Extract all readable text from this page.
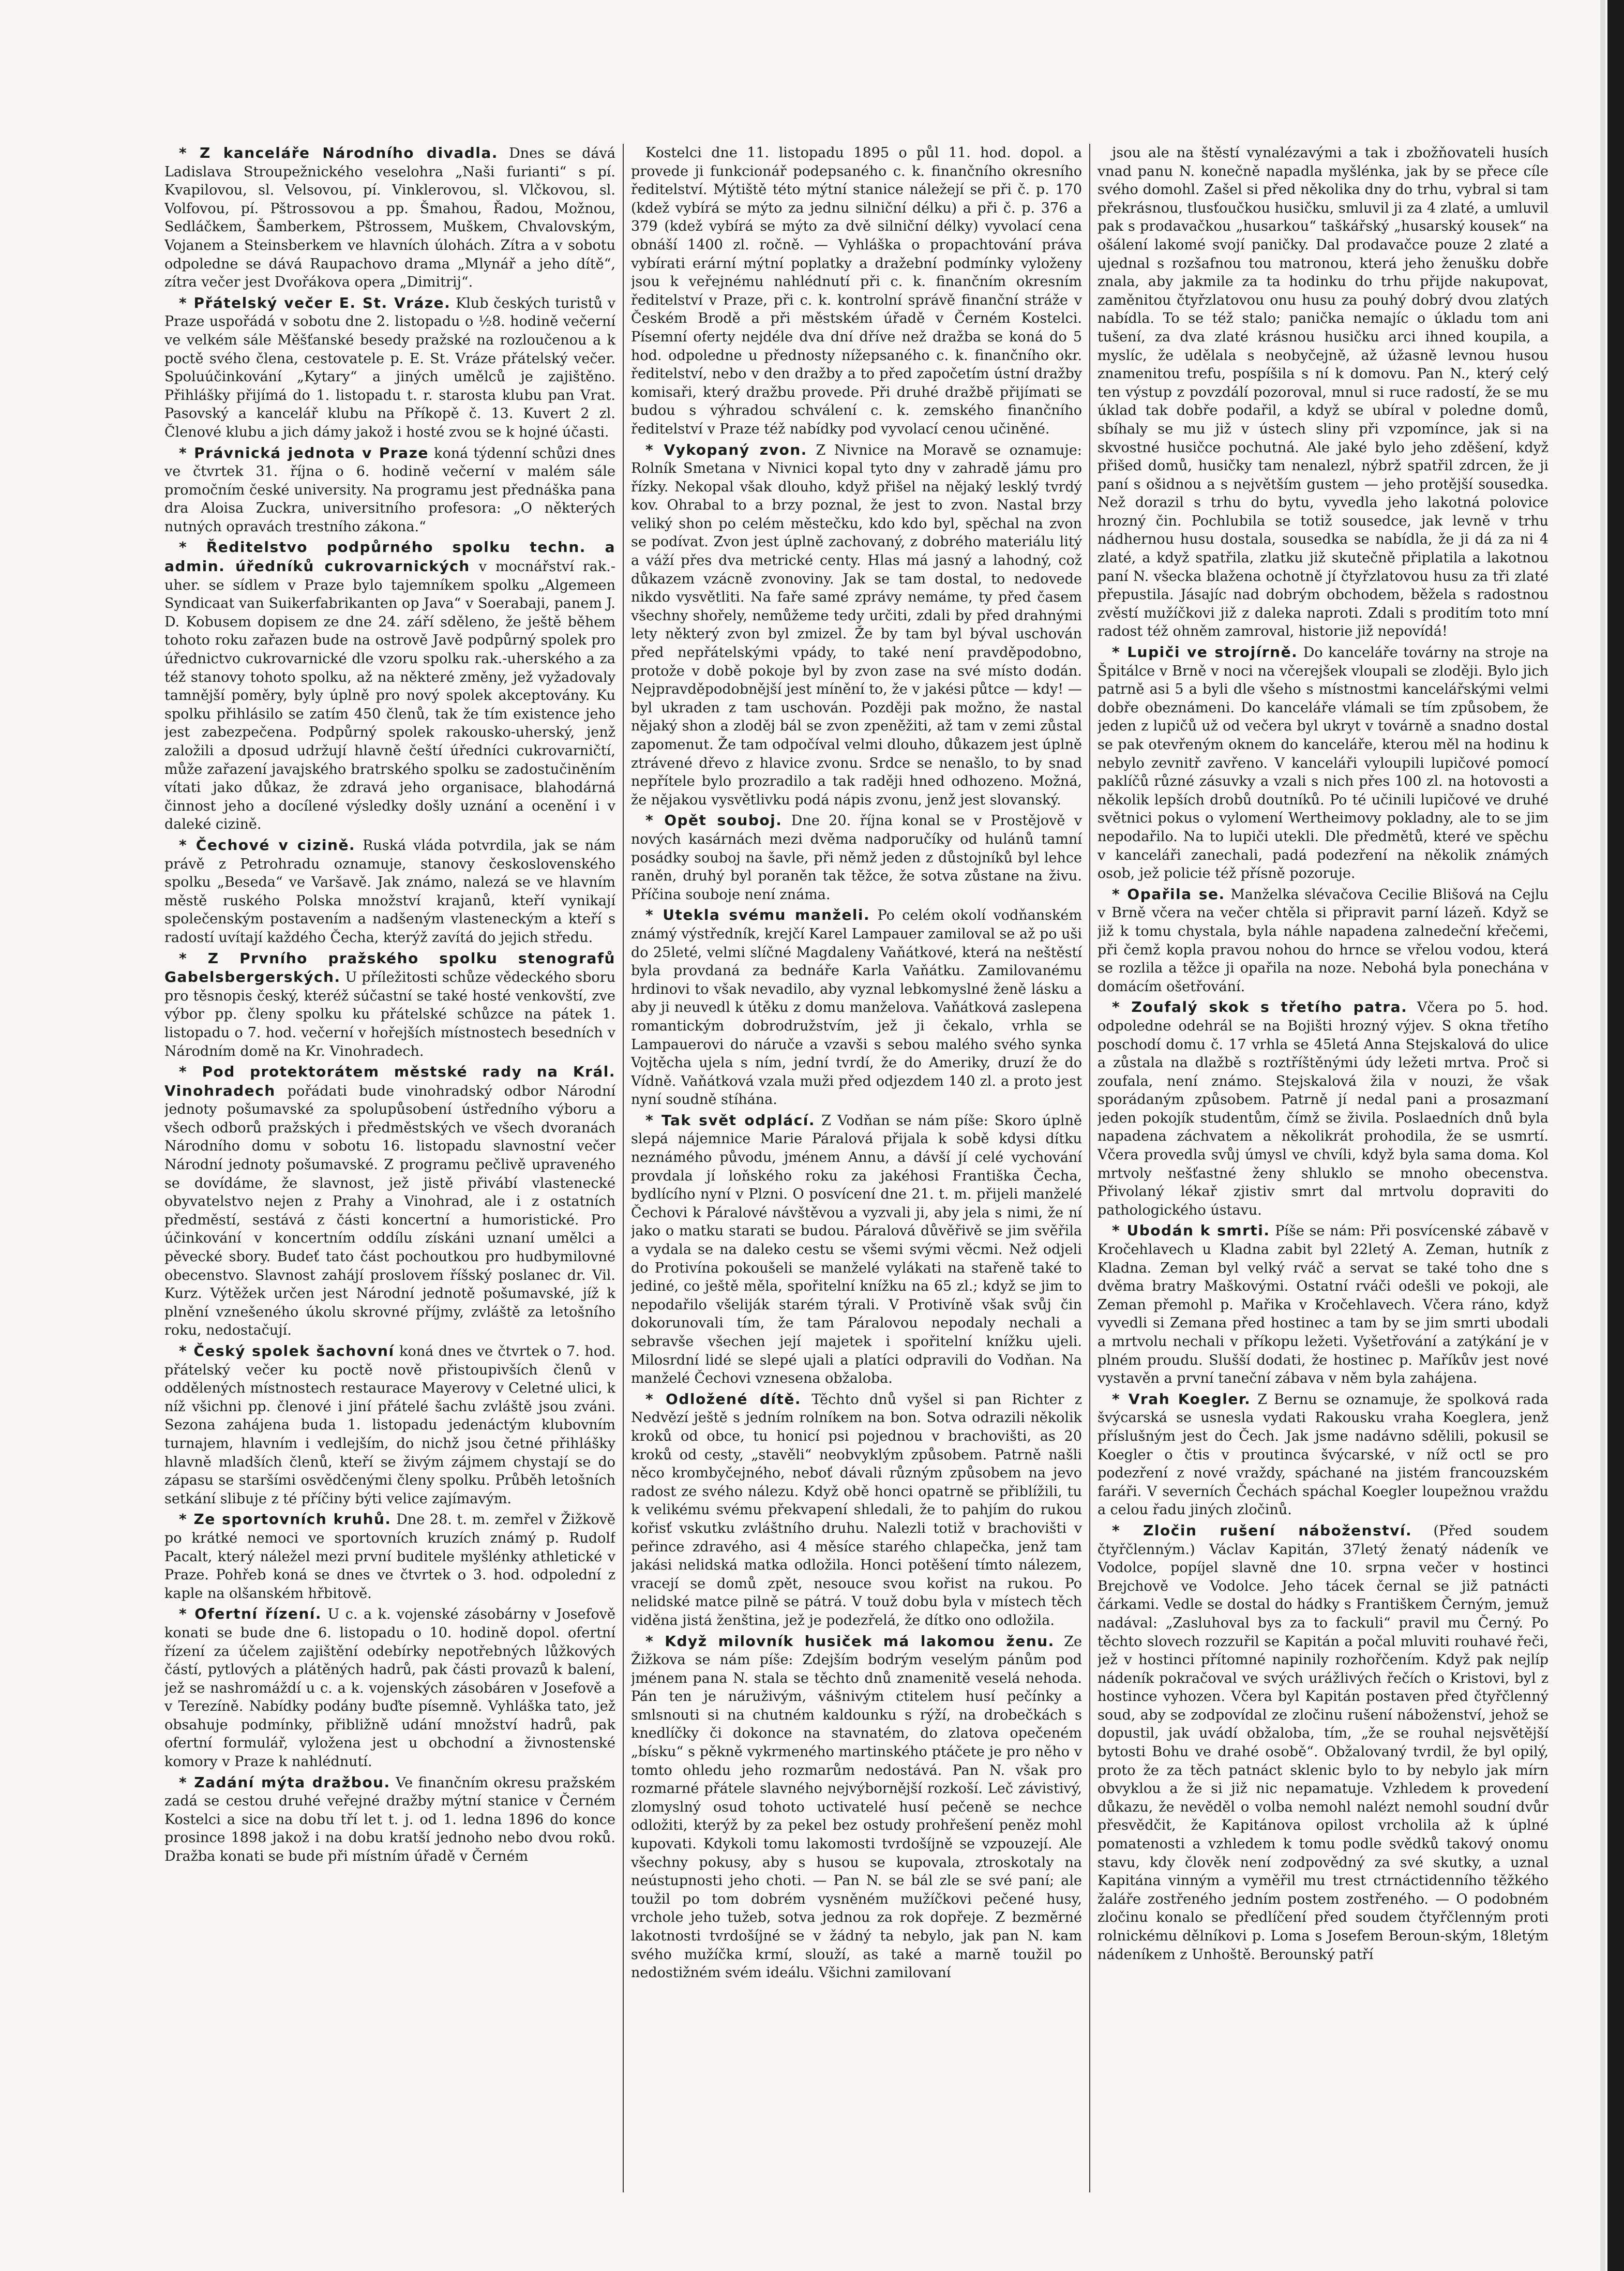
* Z kanceláře Národního divadla. Dnes se dává Ladislava Stroupežnického veselohra „Naši furianti“ s pí. Kvapilovou, sl. Velsovou, pí. Vinklerovou, sl. Vlčkovou, sl. Volfovou, pí. Pštrossovou a pp. Šmahou, Řadou, Možnou, Sedláčkem, Šamberkem, Pštrossem, Muškem, Chvalovským, Vojanem a Steinsberkem ve hlavních úlohách. Zítra a v sobotu odpoledne se dává Raupachovo drama „Mlynář a jeho dítě“, zítra večer jest Dvořákova opera „Dimitrij“.

* Přátelský večer E. St. Vráze. Klub českých turistů v Praze uspořádá v sobotu dne 2. listopadu o ½8. hodině večerní ve velkém sále Měšťanské besedy pražské na rozloučenou a k poctě svého člena, cestovatele p. E. St. Vráze přátelský večer. Spoluúčinkování „Kytary“ a jiných umělců je zajištěno. Přihlášky přijímá do 1. listopadu t. r. starosta klubu pan Vrat. Pasovský a kancelář klubu na Příkopě č. 13. Kuvert 2 zl. Členové klubu a jich dámy jakož i hosté zvou se k hojné účasti.

* Právnická jednota v Praze koná týdenní schůzi dnes ve čtvrtek 31. října o 6. hodině večerní v malém sále promočním české university. Na programu jest přednáška pana dra Aloisa Zuckra, universitního profesora: „O některých nutných opravách trestního zákona.“

* Ředitelstvo podpůrného spolku techn. a admin. úředníků cukrovarnických v mocnářství rak.-uher. se sídlem v Praze bylo tajemníkem spolku „Algemeen Syndicaat van Suikerfabrikanten op Java“ v Soerabaji, panem J. D. Kobusem dopisem ze dne 24. září sděleno, že ještě během tohoto roku zařazen bude na ostrově Javě podpůrný spolek pro úřednictvo cukrovarnické dle vzoru spolku rak.-uherského a za též stanovy tohoto spolku, až na některé změny, jež vyžadovaly tamnější poměry, byly úplně pro nový spolek akceptovány. Ku spolku přihlásilo se zatím 450 členů, tak že tím existence jeho jest zabezpečena. Podpůrný spolek rakousko-uherský, jenž založili a dposud udržují hlavně čeští úředníci cukrovarničtí, může zařazení javajského bratrského spolku se zadostučiněním vítati jako důkaz, že zdravá jeho organisace, blahodárná činnost jeho a docílené výsledky došly uznání a ocenění i v daleké cizině.

* Čechové v cizině. Ruská vláda potvrdila, jak se nám právě z Petrohradu oznamuje, stanovy československého spolku „Beseda“ ve Varšavě. Jak známo, nalezá se ve hlavním městě ruského Polska množství krajanů, kteří vynikají společenským postavením a nadšeným vlasteneckým a kteří s radostí uvítají každého Čecha, kterýž zavítá do jejich středu.

* Z Prvního pražského spolku stenografů Gabelsbergerských. U příležitosti schůze vědeckého sboru pro těsnopis český, kteréž súčastní se také hosté venkovští, zve výbor pp. členy spolku ku přátelské schůzce na pátek 1. listopadu o 7. hod. večerní v hořejších místnostech besedních v Národním domě na Kr. Vinohradech.

* Pod protektorátem městské rady na Král. Vinohradech pořádati bude vinohradský odbor Národní jednoty pošumavské za spolupůsobení ústředního výboru a všech odborů pražských i předměstských ve všech dvoranách Národního domu v sobotu 16. listopadu slavnostní večer Národní jednoty pošumavské. Z programu pečlivě upraveného se dovídáme, že slavnost, jež jistě přivábí vlastenecké obyvatelstvo nejen z Prahy a Vinohrad, ale i z ostatních předměstí, sestává z části koncertní a humoristické. Pro účinkování v koncertním oddílu získáni uznaní umělci a pěvecké sbory. Budeť tato část pochoutkou pro hudbymilovné obecenstvo. Slavnost zahájí proslovem říšský poslanec dr. Vil. Kurz. Výtěžek určen jest Národní jednotě pošumavské, jíž k plnění vznešeného úkolu skrovné příjmy, zvláště za letošního roku, nedostačují.

* Český spolek šachovní koná dnes ve čtvrtek o 7. hod. přátelský večer ku poctě nově přistoupivších členů v oddělených místnostech restaurace Mayerovy v Celetné ulici, k níž všichni pp. členové i jiní přátelé šachu zvláště jsou zváni. Sezona zahájena buda 1. listopadu jedenáctým klubovním turnajem, hlavním i vedlejším, do nichž jsou četné přihlášky hlavně mladších členů, kteří se živým zájmem chystají se do zápasu se staršími osvědčenými členy spolku. Průběh letošních setkání slibuje z té příčiny býti velice zajímavým.

* Ze sportovních kruhů. Dne 28. t. m. zemřel v Žižkově po krátké nemoci ve sportovních kruzích známý p. Rudolf Pacalt, který náležel mezi první buditele myšlénky athletické v Praze. Pohřeb koná se dnes ve čtvrtek o 3. hod. odpolední z kaple na olšanském hřbitově.

* Ofertní řízení. U c. a k. vojenské zásobárny v Josefově konati se bude dne 6. listopadu o 10. hodině dopol. ofertní řízení za účelem zajištění odebírky nepotřebných lůžkových částí, pytlových a plátěných hadrů, pak části provazů k balení, jež se nashromáždí u c. a k. vojenských zásobáren v Josefově a v Terezíně. Nabídky podány buďte písemně. Vyhláška tato, jež obsahuje podmínky, přibližně udání množství hadrů, pak ofertní formulář, vyložena jest u obchodní a živnostenské komory v Praze k nahlédnutí.

* Zadání mýta dražbou. Ve finančním okresu pražském zadá se cestou druhé veřejné dražby mýtní stanice v Černém Kostelci a sice na dobu tří let t. j. od 1. ledna 1896 do konce prosince 1898 jakož i na dobu kratší jednoho nebo dvou roků. Dražba konati se bude při místním úřadě v Černém

Kostelci dne 11. listopadu 1895 o půl 11. hod. dopol. a provede ji funkcionář podepsaného c. k. finančního okresního ředitelství. Mýtiště této mýtní stanice náležejí se při č. p. 170 (kdež vybírá se mýto za jednu silniční délku) a při č. p. 376 a 379 (kdež vybírá se mýto za dvě silniční délky) vyvolací cena obnáší 1400 zl. ročně. — Vyhláška o propachtování práva vybírati erární mýtní poplatky a dražební podmínky vyloženy jsou k veřejnému nahlédnutí při c. k. finančním okresním ředitelství v Praze, při c. k. kontrolní správě finanční stráže v Českém Brodě a při městském úřadě v Černém Kostelci. Písemní oferty nejdéle dva dní dříve než dražba se koná do 5 hod. odpoledne u přednosty nížepsaného c. k. finančního okr. ředitelství, nebo v den dražby a to před započetím ústní dražby komisaři, který dražbu provede. Při druhé dražbě přijímati se budou s výhradou schválení c. k. zemského finančního ředitelství v Praze též nabídky pod vyvolací cenou učiněné.

* Vykopaný zvon. Z Nivnice na Moravě se oznamuje: Rolník Smetana v Nivnici kopal tyto dny v zahradě jámu pro řízky. Nekopal však dlouho, když přišel na nějaký lesklý tvrdý kov. Ohrabal to a brzy poznal, že jest to zvon. Nastal brzy veliký shon po celém městečku, kdo kdo byl, spěchal na zvon se podívat. Zvon jest úplně zachovaný, z dobrého materiálu litý a váží přes dva metrické centy. Hlas má jasný a lahodný, což důkazem vzácně zvonoviny. Jak se tam dostal, to nedovede nikdo vysvětliti. Na faře samé zprávy nemáme, ty před časem všechny shořely, nemůžeme tedy určiti, zdali by před drahnými lety některý zvon byl zmizel. Že by tam byl býval uschován před nepřátelskými vpády, to také není pravděpodobno, protože v době pokoje byl by zvon zase na své místo dodán. Nejpravděpodobnější jest mínění to, že v jakési půtce — kdy! — byl ukraden z tam uschován. Později pak možno, že nastal nějaký shon a zloděj bál se zvon zpeněžiti, až tam v zemi zůstal zapomenut. Že tam odpočíval velmi dlouho, důkazem jest úplně ztrávené dřevo z hlavice zvonu. Srdce se nenašlo, to by snad nepřítele bylo prozradilo a tak raději hned odhozeno. Možná, že nějakou vysvětlivku podá nápis zvonu, jenž jest slovanský.

* Opět souboj. Dne 20. října konal se v Prostějově v nových kasárnách mezi dvěma nadporučíky od hulánů tamní posádky souboj na šavle, při němž jeden z důstojníků byl lehce raněn, druhý byl poraněn tak těžce, že sotva zůstane na živu. Příčina souboje není známa.

* Utekla svému manželi. Po celém okolí vodňanském známý výstředník, krejčí Karel Lampauer zamiloval se až po uši do 25leté, velmi slíčné Magdaleny Vaňátkové, která na neštěstí byla provdaná za bednáře Karla Vaňátku. Zamilovanému hrdinovi to však nevadilo, aby vyznal lebkomyslné ženě lásku a aby ji neuvedl k útěku z domu manželova. Vaňátková zaslepena romantickým dobrodružstvím, jež ji čekalo, vrhla se Lampauerovi do náruče a vzavši s sebou malého svého synka Vojtěcha ujela s ním, jední tvrdí, že do Ameriky, druzí že do Vídně. Vaňátková vzala muži před odjezdem 140 zl. a proto jest nyní soudně stíhána.

* Tak svět odplácí. Z Vodňan se nám píše: Skoro úplně slepá nájemnice Marie Páralová přijala k sobě kdysi dítku neznámého původu, jménem Annu, a dávší jí celé vychování provdala jí loňského roku za jakéhosi Františka Čecha, bydlícího nyní v Plzni. O posvícení dne 21. t. m. přijeli manželé Čechovi k Páralové návštěvou a vyzvali ji, aby jela s nimi, že ní jako o matku starati se budou. Páralová důvěřivě se jim svěřila a vydala se na daleko cestu se všemi svými věcmi. Než odjeli do Protivína pokoušeli se manželé vylákati na stařeně také to jediné, co ještě měla, spořitelní knížku na 65 zl.; když se jim to nepodařilo všeliják starém týrali. V Protivíně však svůj čin dokorunovali tím, že tam Páralovou nepodaly nechali a sebravše všechen její majetek i spořitelní knížku ujeli. Milosrdní lidé se slepé ujali a platíci odpravili do Vodňan. Na manželé Čechovi vznesena obžaloba.

* Odložené dítě. Těchto dnů vyšel si pan Richter z Nedvězí ještě s jedním rolníkem na bon. Sotva odrazili několik kroků od obce, tu honicí psi pojednou v brachovišti, as 20 kroků od cesty, „stavěli“ neobvyklým způsobem. Patrně našli něco krombyčejného, neboť dávali různým způsobem na jevo radost ze svého nálezu. Když obě honci opatrně se přiblížili, tu k velikému svému překvapení shledali, že to pahjím do rukou kořisť vskutku zvláštního druhu. Nalezli totiž v brachovišti v peřince zdravého, asi 4 měsíce starého chlapečka, jenž tam jakási nelidská matka odložila. Honci potěšení tímto nálezem, vracejí se domů zpět, nesouce svou kořist na rukou. Po nelidské matce pilně se pátrá. V touž dobu byla v místech těch viděna jistá ženština, jež je podezřelá, že dítko ono odložila.

* Když milovník husiček má lakomou ženu. Ze Žižkova se nám píše: Zdejším bodrým veselým pánům pod jménem pana N. stala se těchto dnů znamenitě veselá nehoda. Pán ten je náruživým, vášnivým ctitelem husí pečínky a smlsnouti si na chutném kaldounku s rýží, na drobečkách s knedlíčky či dokonce na stavnatém, do zlatova opečeném „bísku“ s pěkně vykrmeného martinského ptáčete je pro něho v tomto ohledu jeho rozmarům nedostává. Pan N. však pro rozmarné přátele slavného nejvýbornější rozkoší. Leč závistivý, zlomyslný osud tohoto uctivatelé husí pečeně se nechce odložiti, kterýž by za pekel bez ostudy prohřešení peněz mohl kupovati. Kdykoli tomu lakomosti tvrdošíjně se vzpouzejí. Ale všechny pokusy, aby s husou se kupovala, ztroskotaly na neústupnosti jeho choti. — Pan N. se bál zle se své paní; ale toužil po tom dobrém vysněném mužíčkovi pečené husy, vrchole jeho tužeb, sotva jednou za rok dopřeje. Z bezměrné lakotnosti tvrdošíjné se v žádný ta nebylo, jak pan N. kam svého mužíčka krmí, slouží, as také a marně toužil po nedostižném svém ideálu. Všichni zamilovaní

jsou ale na štěstí vynalézavými a tak i zbožňovateli husích vnad panu N. konečně napadla myšlénka, jak by se přece cíle svého domohl. Zašel si před několika dny do trhu, vybral si tam překrásnou, tlusťoučkou husičku, smluvil ji za 4 zlaté, a umluvil pak s prodavačkou „husarkou“ taškářský „husarský kousek“ na ošálení lakomé svojí paničky. Dal prodavačce pouze 2 zlaté a ujednal s rozšafnou tou matronou, která jeho ženušku dobře znala, aby jakmile za ta hodinku do trhu přijde nakupovat, zaměnitou čtyřzlatovou onu husu za pouhý dobrý dvou zlatých nabídla. To se též stalo; panička nemajíc o úkladu tom ani tušení, za dva zlaté krásnou husičku arci ihned koupila, a myslíc, že udělala s neobyčejně, až úžasně levnou husou znamenitou trefu, pospíšila s ní k domovu. Pan N., který celý ten výstup z povzdálí pozoroval, mnul si ruce radostí, že se mu úklad tak dobře podařil, a když se ubíral v poledne domů, sbíhaly se mu již v ústech sliny při vzpomínce, jak si na skvostné husičce pochutná. Ale jaké bylo jeho zděšení, když přišed domů, husičky tam nenalezl, nýbrž spatřil zdrcen, že ji paní s ošidnou a s největším gustem — jeho protější sousedka. Než dorazil s trhu do bytu, vyvedla jeho lakotná polovice hrozný čin. Pochlubila se totiž sousedce, jak levně v trhu nádhernou husu dostala, sousedka se nabídla, že ji dá za ni 4 zlaté, a když spatřila, zlatku již skutečně připlatila a lakotnou paní N. všecka blažena ochotně jí čtyřzlatovou husu za tři zlaté přepustila. Jásajíc nad dobrým obchodem, běžela s radostnou zvěstí mužíčkovi již z daleka naproti. Zdali s proditím toto mní radost též ohněm zamroval, historie již nepovídá!

* Lupiči ve strojírně. Do kanceláře továrny na stroje na Špitálce v Brně v noci na včerejšek vloupali se zloději. Bylo jich patrně asi 5 a byli dle všeho s místnostmi kancelářskými velmi dobře obeznámeni. Do kanceláře vlámali se tím způsobem, že jeden z lupičů už od večera byl ukryt v továrně a snadno dostal se pak otevřeným oknem do kanceláře, kterou měl na hodinu k nebylo zevnitř zavřeno. V kanceláři vyloupili lupičové pomocí paklíčů různé zásuvky a vzali s nich přes 100 zl. na hotovosti a několik lepších drobů doutníků. Po té učinili lupičové ve druhé světnici pokus o vylomení Wertheimovy pokladny, ale to se jim nepodařilo. Na to lupiči utekli. Dle předmětů, které ve spěchu v kanceláři zanechali, padá podezření na několik známých osob, jež policie též přísně pozoruje.

* Opařila se. Manželka slévačova Cecilie Blišová na Cejlu v Brně včera na večer chtěla si připravit parní lázeň. Když se již k tomu chystala, byla náhle napadena zalnedeční křečemi, při čemž kopla pravou nohou do hrnce se vřelou vodou, která se rozlila a těžce ji opařila na noze. Nebohá byla ponechána v domácím ošetřování.

* Zoufalý skok s třetího patra. Včera po 5. hod. odpoledne odehrál se na Bojišti hrozný výjev. S okna třetího poschodí domu č. 17 vrhla se 45letá Anna Stejskalová do ulice a zůstala na dlažbě s roztříštěnými údy ležeti mrtva. Proč si zoufala, není známo. Stejskalová žila v nouzi, že však sporádaným způsobem. Patrně jí nedal pani a prosazmaní jeden pokojík studentům, čímž se živila. Poslaedních dnů byla napadena záchvatem a několikrát prohodila, že se usmrtí. Včera provedla svůj úmysl ve chvíli, když byla sama doma. Kol mrtvoly nešťastné ženy shluklo se mnoho obecenstva. Přivolaný lékař zjistiv smrt dal mrtvolu dopraviti do pathologického ústavu.

* Ubodán k smrti. Píše se nám: Při posvícenské zábavě v Kročehlavech u Kladna zabit byl 22letý A. Zeman, hutník z Kladna. Zeman byl velký rváč a servat se také toho dne s dvěma bratry Maškovými. Ostatní rváči odešli ve pokoji, ale Zeman přemohl p. Mařika v Kročehlavech. Včera ráno, když vyvedli si Zemana před hostinec a tam by se jim smrti ubodali a mrtvolu nechali v příkopu ležeti. Vyšetřování a zatýkání je v plném proudu. Slušší dodati, že hostinec p. Maříkův jest nové vystavěn a první taneční zábava v něm byla zahájena.

* Vrah Koegler. Z Bernu se oznamuje, že spolková rada švýcarská se usnesla vydati Rakousku vraha Koeglera, jenž příslušným jest do Čech. Jak jsme nadávno sdělili, pokusil se Koegler o čtis v proutinca švýcarské, v níž octl se pro podezření z nové vraždy, spáchané na jistém francouzském faráři. V severních Čechách spáchal Koegler loupežnou vraždu a celou řadu jiných zločinů.

* Zločin rušení náboženství. (Před soudem čtyřčlenným.) Václav Kapitán, 37letý ženatý nádeník ve Vodolce, popíjel slavně dne 10. srpna večer v hostinci Brejchově ve Vodolce. Jeho tácek černal se již patnácti čárkami. Vedle se dostal do hádky s Františkem Černým, jemuž nadával: „Zasluhoval bys za to fackuli“ pravil mu Černý. Po těchto slovech rozzuřil se Kapitán a počal mluviti rouhavé řeči, jež v hostinci přítomné napinily rozhořčením. Když pak nejlíp nádeník pokračoval ve svých urážlivých řečích o Kristovi, byl z hostince vyhozen. Včera byl Kapitán postaven před čtyřčlenný soud, aby se zodpovídal ze zločinu rušení náboženství, jehož se dopustil, jak uvádí obžaloba, tím, „že se rouhal nejsvětější bytosti Bohu ve drahé osobě“. Obžalovaný tvrdil, že byl opilý, proto že za těch patnáct sklenic bylo to by nebylo jak mírn obvyklou a že si již nic nepamatuje. Vzhledem k provedení důkazu, že nevěděl o volba nemohl nalézt nemohl soudní dvůr přesvědčit, že Kapitánova opilost vrcholila až k úplné pomatenosti a vzhledem k tomu podle svědků takový onomu stavu, kdy člověk není zodpovědný za své skutky, a uznal Kapitána vinným a vyměřil mu trest ctrnáctidenního těžkého žaláře zostřeného jedním postem zostřeného. — O podobném zločinu konalo se předlíčení před soudem čtyřčlenným proti rolnickému dělníkovi p. Loma s Josefem Beroun-ským, 18letým nádeníkem z Unhoště. Berounský patří
